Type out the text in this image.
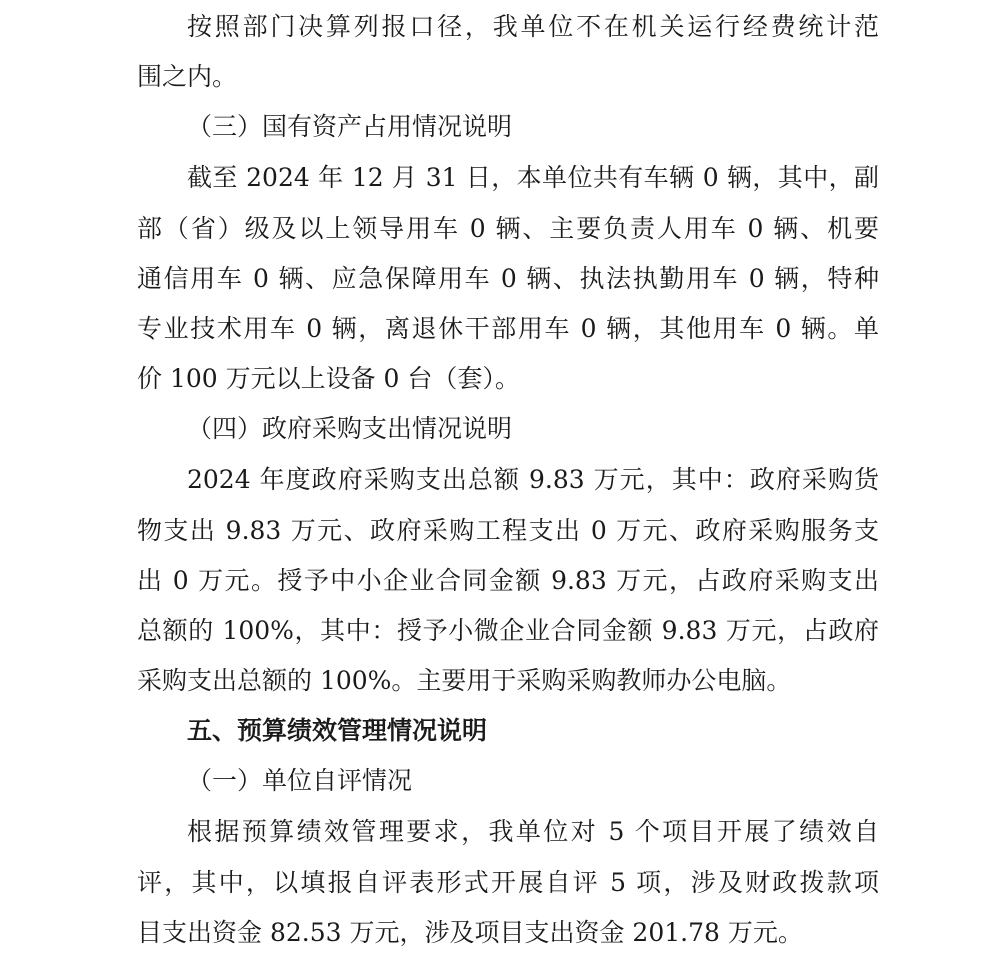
按照部门决算列报口径，我单位不在机关运行经费统计范
围之内。
（三）国有资产占用情况说明
截至 2024 年 12 月 31 日，本单位共有车辆 0 辆，其中，副
部（省）级及以上领导用车 0 辆、主要负责人用车 0 辆、机要
通信用车 0 辆、应急保障用车 0 辆、执法执勤用车 0 辆，特种
专业技术用车 0 辆，离退休干部用车 0 辆，其他用车 0 辆。单
价 100 万元以上设备 0 台（套）。
（四）政府采购支出情况说明
2024 年度政府采购支出总额 9.83 万元，其中：政府采购货
物支出 9.83 万元、政府采购工程支出 0 万元、政府采购服务支
出 0 万元。授予中小企业合同金额 9.83 万元，占政府采购支出
总额的 100%，其中：授予小微企业合同金额 9.83 万元，占政府
采购支出总额的 100%。主要用于采购采购教师办公电脑。
五、预算绩效管理情况说明
（一）单位自评情况
根据预算绩效管理要求，我单位对 5 个项目开展了绩效自
评，其中，以填报自评表形式开展自评 5 项，涉及财政拨款项
目支出资金 82.53 万元，涉及项目支出资金 201.78 万元。
